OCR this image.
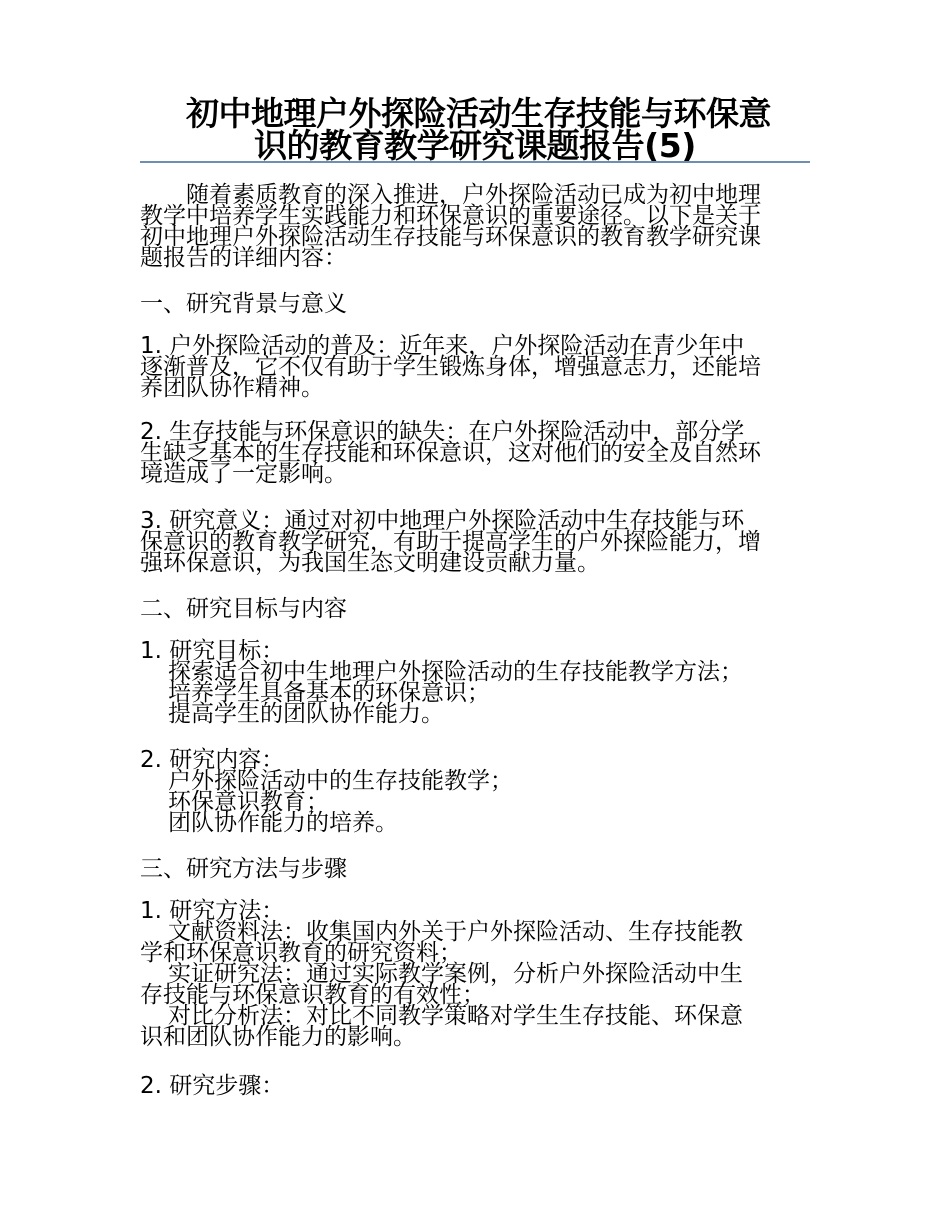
初中地理户外探险活动生存技能与环保意
识的教育教学研究课题报告(5)
随着素质教育的深入推进，户外探险活动已成为初中地理
教学中培养学生实践能力和环保意识的重要途径。以下是关于
初中地理户外探险活动生存技能与环保意识的教育教学研究课
题报告的详细内容：
一、研究背景与意义
1. 户外探险活动的普及：近年来，户外探险活动在青少年中
逐渐普及，它不仅有助于学生锻炼身体，增强意志力，还能培
养团队协作精神。
2. 生存技能与环保意识的缺失：在户外探险活动中，部分学
生缺乏基本的生存技能和环保意识，这对他们的安全及自然环
境造成了一定影响。
3. 研究意义：通过对初中地理户外探险活动中生存技能与环
保意识的教育教学研究，有助于提高学生的户外探险能力，增
强环保意识，为我国生态文明建设贡献力量。
二、研究目标与内容
1. 研究目标：
探索适合初中生地理户外探险活动的生存技能教学方法；
培养学生具备基本的环保意识；
提高学生的团队协作能力。
2. 研究内容：
户外探险活动中的生存技能教学；
环保意识教育；
团队协作能力的培养。
三、研究方法与步骤
1. 研究方法：
文献资料法：收集国内外关于户外探险活动、生存技能教
学和环保意识教育的研究资料；
实证研究法：通过实际教学案例，分析户外探险活动中生
存技能与环保意识教育的有效性；
对比分析法：对比不同教学策略对学生生存技能、环保意
识和团队协作能力的影响。
2. 研究步骤：
